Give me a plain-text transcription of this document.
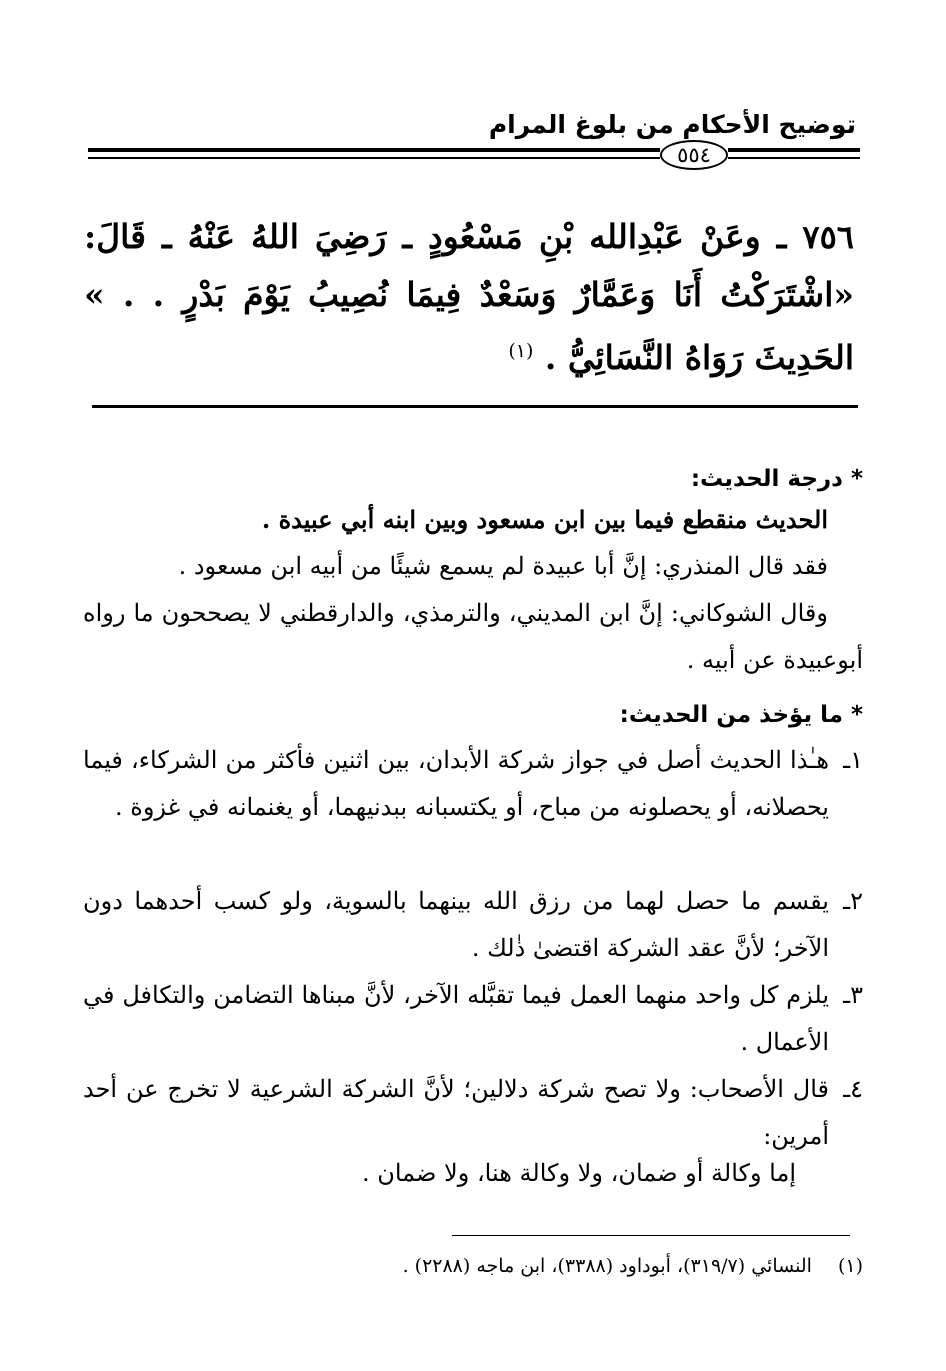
توضيح الأحكام من بلوغ المرام
٥٥٤
٧٥٦ ـ وعَنْ عَبْدِالله بْنِ مَسْعُودٍ ـ رَضِيَ اللهُ عَنْهُ ـ قَالَ: «اشْتَرَكْتُ أَنَا وَعَمَّارٌ وَسَعْدٌ فِيمَا نُصِيبُ يَوْمَ بَدْرٍ . . » الحَدِيثَ رَوَاهُ النَّسَائِيُّ . $^{(١)}$
* درجة الحديث:
الحديث منقطع فيما بين ابن مسعود وبين ابنه أبي عبيدة .
فقد قال المنذري: إنَّ أبا عبيدة لم يسمع شيئًا من أبيه ابن مسعود .
وقال الشوكاني: إنَّ ابن المديني، والترمذي، والدارقطني لا يصححون ما رواه أبوعبيدة عن أبيه .
* ما يؤخذ من الحديث:
١ـ
هـٰذا الحديث أصل في جواز شركة الأبدان، بين اثنين فأكثر من الشركاء، فيما يحصلانه، أو يحصلونه من مباح، أو يكتسبانه ببدنيهما، أو يغنمانه في غزوة .
٢ـ
يقسم ما حصل لهما من رزق الله بينهما بالسوية، ولو كسب أحدهما دون الآخر؛ لأنَّ عقد الشركة اقتضىٰ ذٰلك .
٣ـ
يلزم كل واحد منهما العمل فيما تقبَّله الآخر، لأنَّ مبناها التضامن والتكافل في الأعمال .
٤ـ
قال الأصحاب: ولا تصح شركة دلالين؛ لأنَّ الشركة الشرعية لا تخرج عن أحد أمرين:
إما وكالة أو ضمان، ولا وكالة هنا، ولا ضمان .
(١) النسائي (٣١٩/٧)، أبوداود (٣٣٨٨)، ابن ماجه (٢٢٨٨) .
